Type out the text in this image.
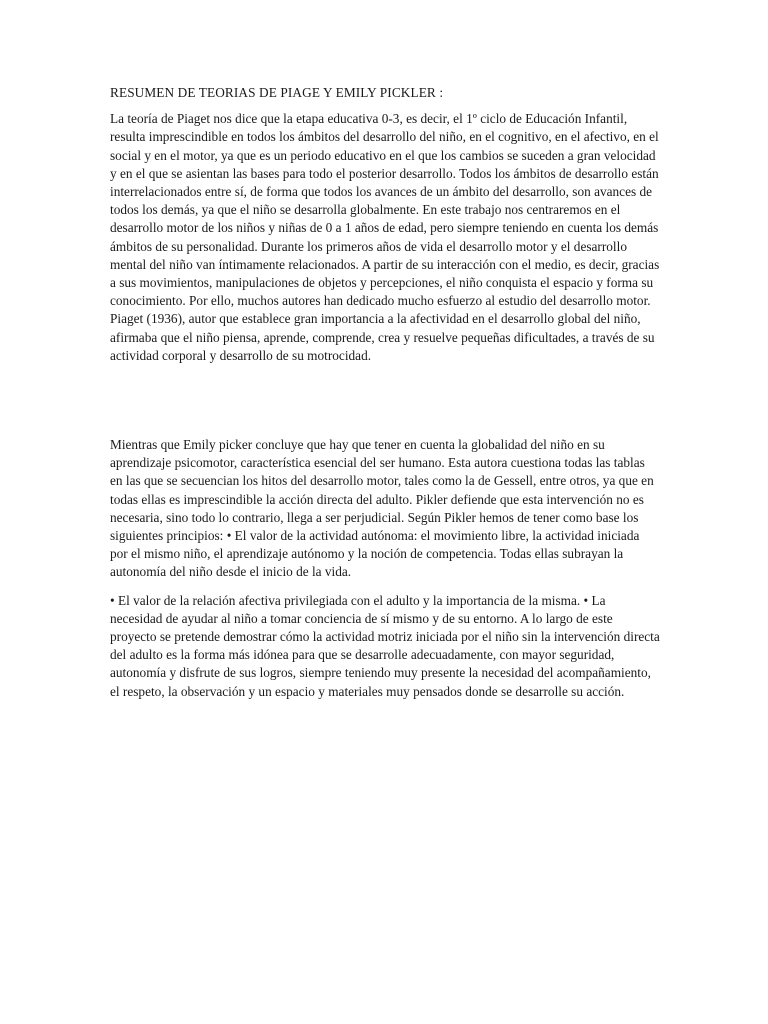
RESUMEN DE TEORIAS DE PIAGE Y EMILY PICKLER :

La teoría de Piaget nos dice que la etapa educativa 0-3, es decir, el 1º ciclo de Educación Infantil, resulta imprescindible en todos los ámbitos del desarrollo del niño, en el cognitivo, en el afectivo, en el social y en el motor, ya que es un periodo educativo en el que los cambios se suceden a gran velocidad y en el que se asientan las bases para todo el posterior desarrollo. Todos los ámbitos de desarrollo están interrelacionados entre sí, de forma que todos los avances de un ámbito del desarrollo, son avances de todos los demás, ya que el niño se desarrolla globalmente. En este trabajo nos centraremos en el desarrollo motor de los niños y niñas de 0 a 1 años de edad, pero siempre teniendo en cuenta los demás ámbitos de su personalidad. Durante los primeros años de vida el desarrollo motor y el desarrollo mental del niño van íntimamente relacionados. A partir de su interacción con el medio, es decir, gracias a sus movimientos, manipulaciones de objetos y percepciones, el niño conquista el espacio y forma su conocimiento. Por ello, muchos autores han dedicado mucho esfuerzo al estudio del desarrollo motor. Piaget (1936), autor que establece gran importancia a la afectividad en el desarrollo global del niño, afirmaba que el niño piensa, aprende, comprende, crea y resuelve pequeñas dificultades, a través de su actividad corporal y desarrollo de su motrocidad.

Mientras que Emily picker concluye que hay que tener en cuenta la globalidad del niño en su aprendizaje psicomotor, característica esencial del ser humano. Esta autora cuestiona todas las tablas en las que se secuencian los hitos del desarrollo motor, tales como la de Gessell, entre otros, ya que en todas ellas es imprescindible la acción directa del adulto. Pikler defiende que esta intervención no es necesaria, sino todo lo contrario, llega a ser perjudicial. Según Pikler hemos de tener como base los siguientes principios: • El valor de la actividad autónoma: el movimiento libre, la actividad iniciada por el mismo niño, el aprendizaje autónomo y la noción de competencia. Todas ellas subrayan la autonomía del niño desde el inicio de la vida.

• El valor de la relación afectiva privilegiada con el adulto y la importancia de la misma. • La necesidad de ayudar al niño a tomar conciencia de sí mismo y de su entorno. A lo largo de este proyecto se pretende demostrar cómo la actividad motriz iniciada por el niño sin la intervención directa del adulto es la forma más idónea para que se desarrolle adecuadamente, con mayor seguridad, autonomía y disfrute de sus logros, siempre teniendo muy presente la necesidad del acompañamiento, el respeto, la observación y un espacio y materiales muy pensados donde se desarrolle su acción.
